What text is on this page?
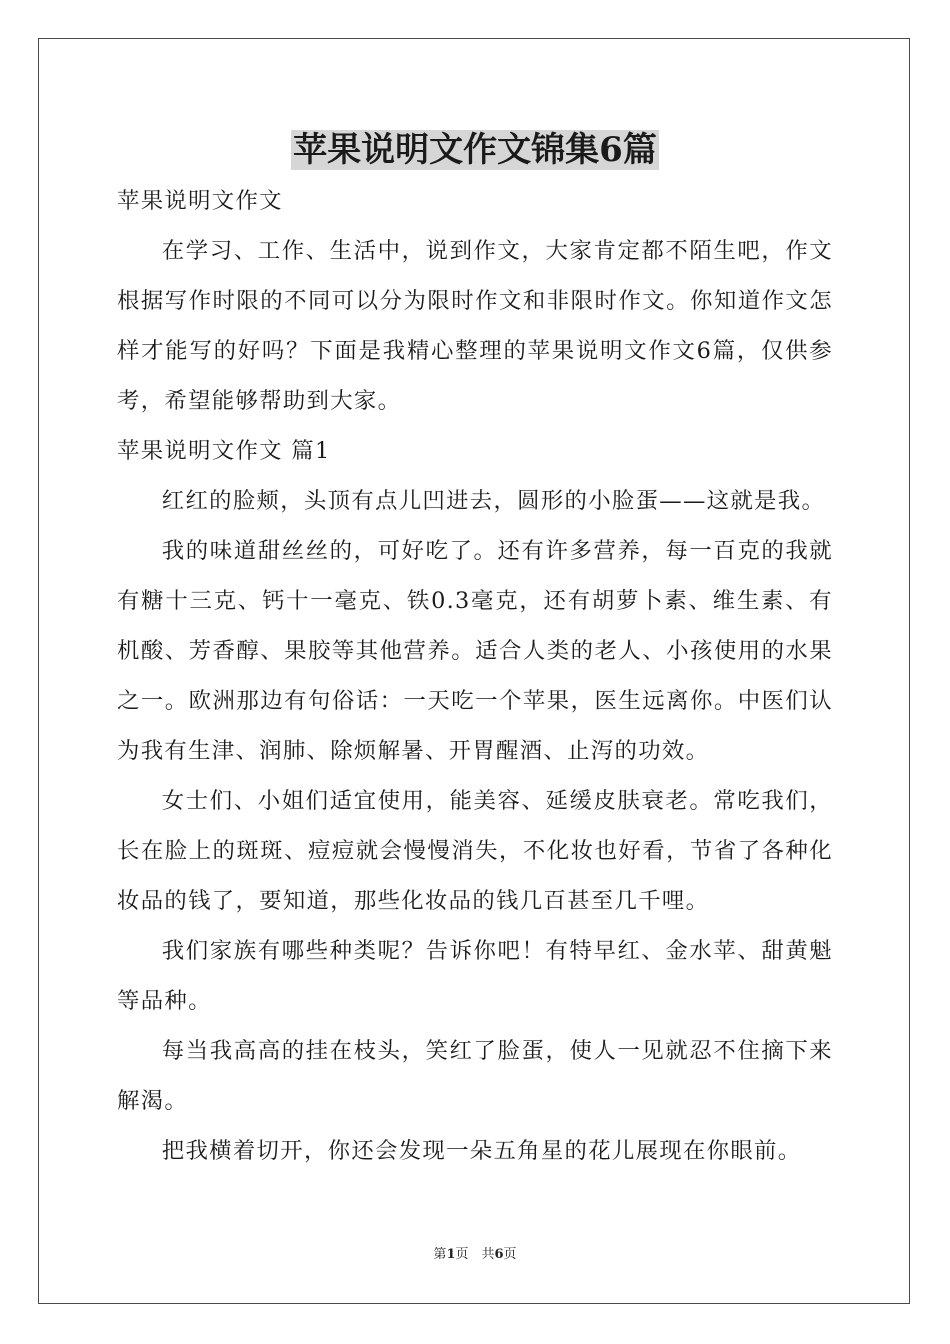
苹果说明文作文锦集6篇

苹果说明文作文

在学习、工作、生活中，说到作文，大家肯定都不陌生吧，作文根据写作时限的不同可以分为限时作文和非限时作文。你知道作文怎样才能写的好吗？下面是我精心整理的苹果说明文作文6篇，仅供参考，希望能够帮助到大家。

苹果说明文作文 篇1

红红的脸颊，头顶有点儿凹进去，圆形的小脸蛋——这就是我。

我的味道甜丝丝的，可好吃了。还有许多营养，每一百克的我就有糖十三克、钙十一毫克、铁0.3毫克，还有胡萝卜素、维生素、有机酸、芳香醇、果胶等其他营养。适合人类的老人、小孩使用的水果之一。欧洲那边有句俗话：一天吃一个苹果，医生远离你。中医们认为我有生津、润肺、除烦解暑、开胃醒酒、止泻的功效。

女士们、小姐们适宜使用，能美容、延缓皮肤衰老。常吃我们，长在脸上的斑斑、痘痘就会慢慢消失，不化妆也好看，节省了各种化妆品的钱了，要知道，那些化妆品的钱几百甚至几千哩。

我们家族有哪些种类呢？告诉你吧！有特早红、金水苹、甜黄魁等品种。

每当我高高的挂在枝头，笑红了脸蛋，使人一见就忍不住摘下来解渴。

把我横着切开，你还会发现一朵五角星的花儿展现在你眼前。

第1页　共6页
